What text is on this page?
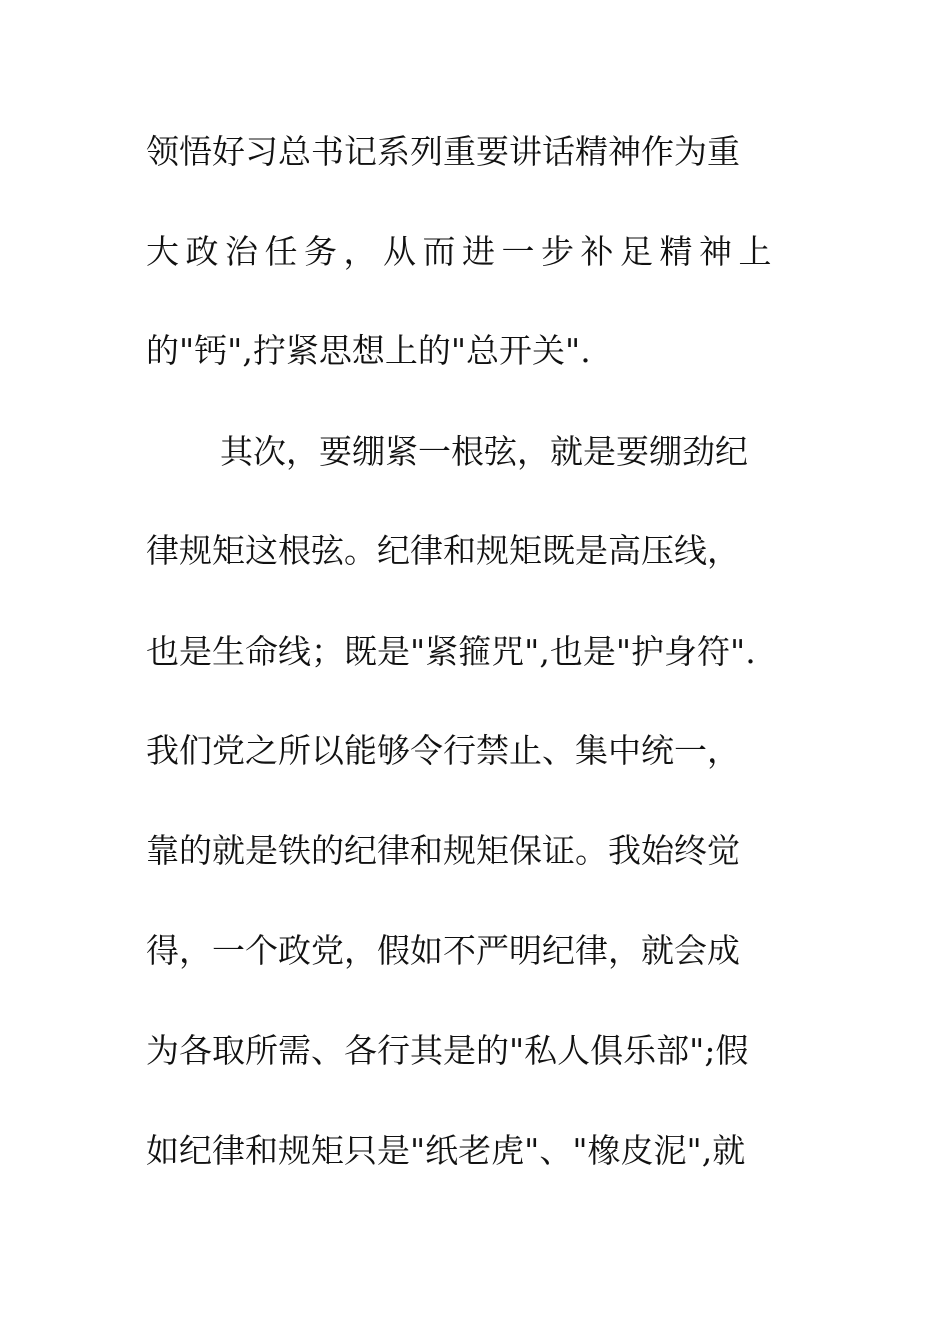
领悟好习总书记系列重要讲话精神作为重
大政治任务，从而进一步补足精神上
的"钙",拧紧思想上的"总开关".
其次，要绷紧一根弦，就是要绷劲纪
律规矩这根弦。纪律和规矩既是高压线，
也是生命线；既是"紧箍咒",也是"护身符".
我们党之所以能够令行禁止、集中统一，
靠的就是铁的纪律和规矩保证。我始终觉
得，一个政党，假如不严明纪律，就会成
为各取所需、各行其是的"私人俱乐部";假
如纪律和规矩只是"纸老虎"、"橡皮泥",就
